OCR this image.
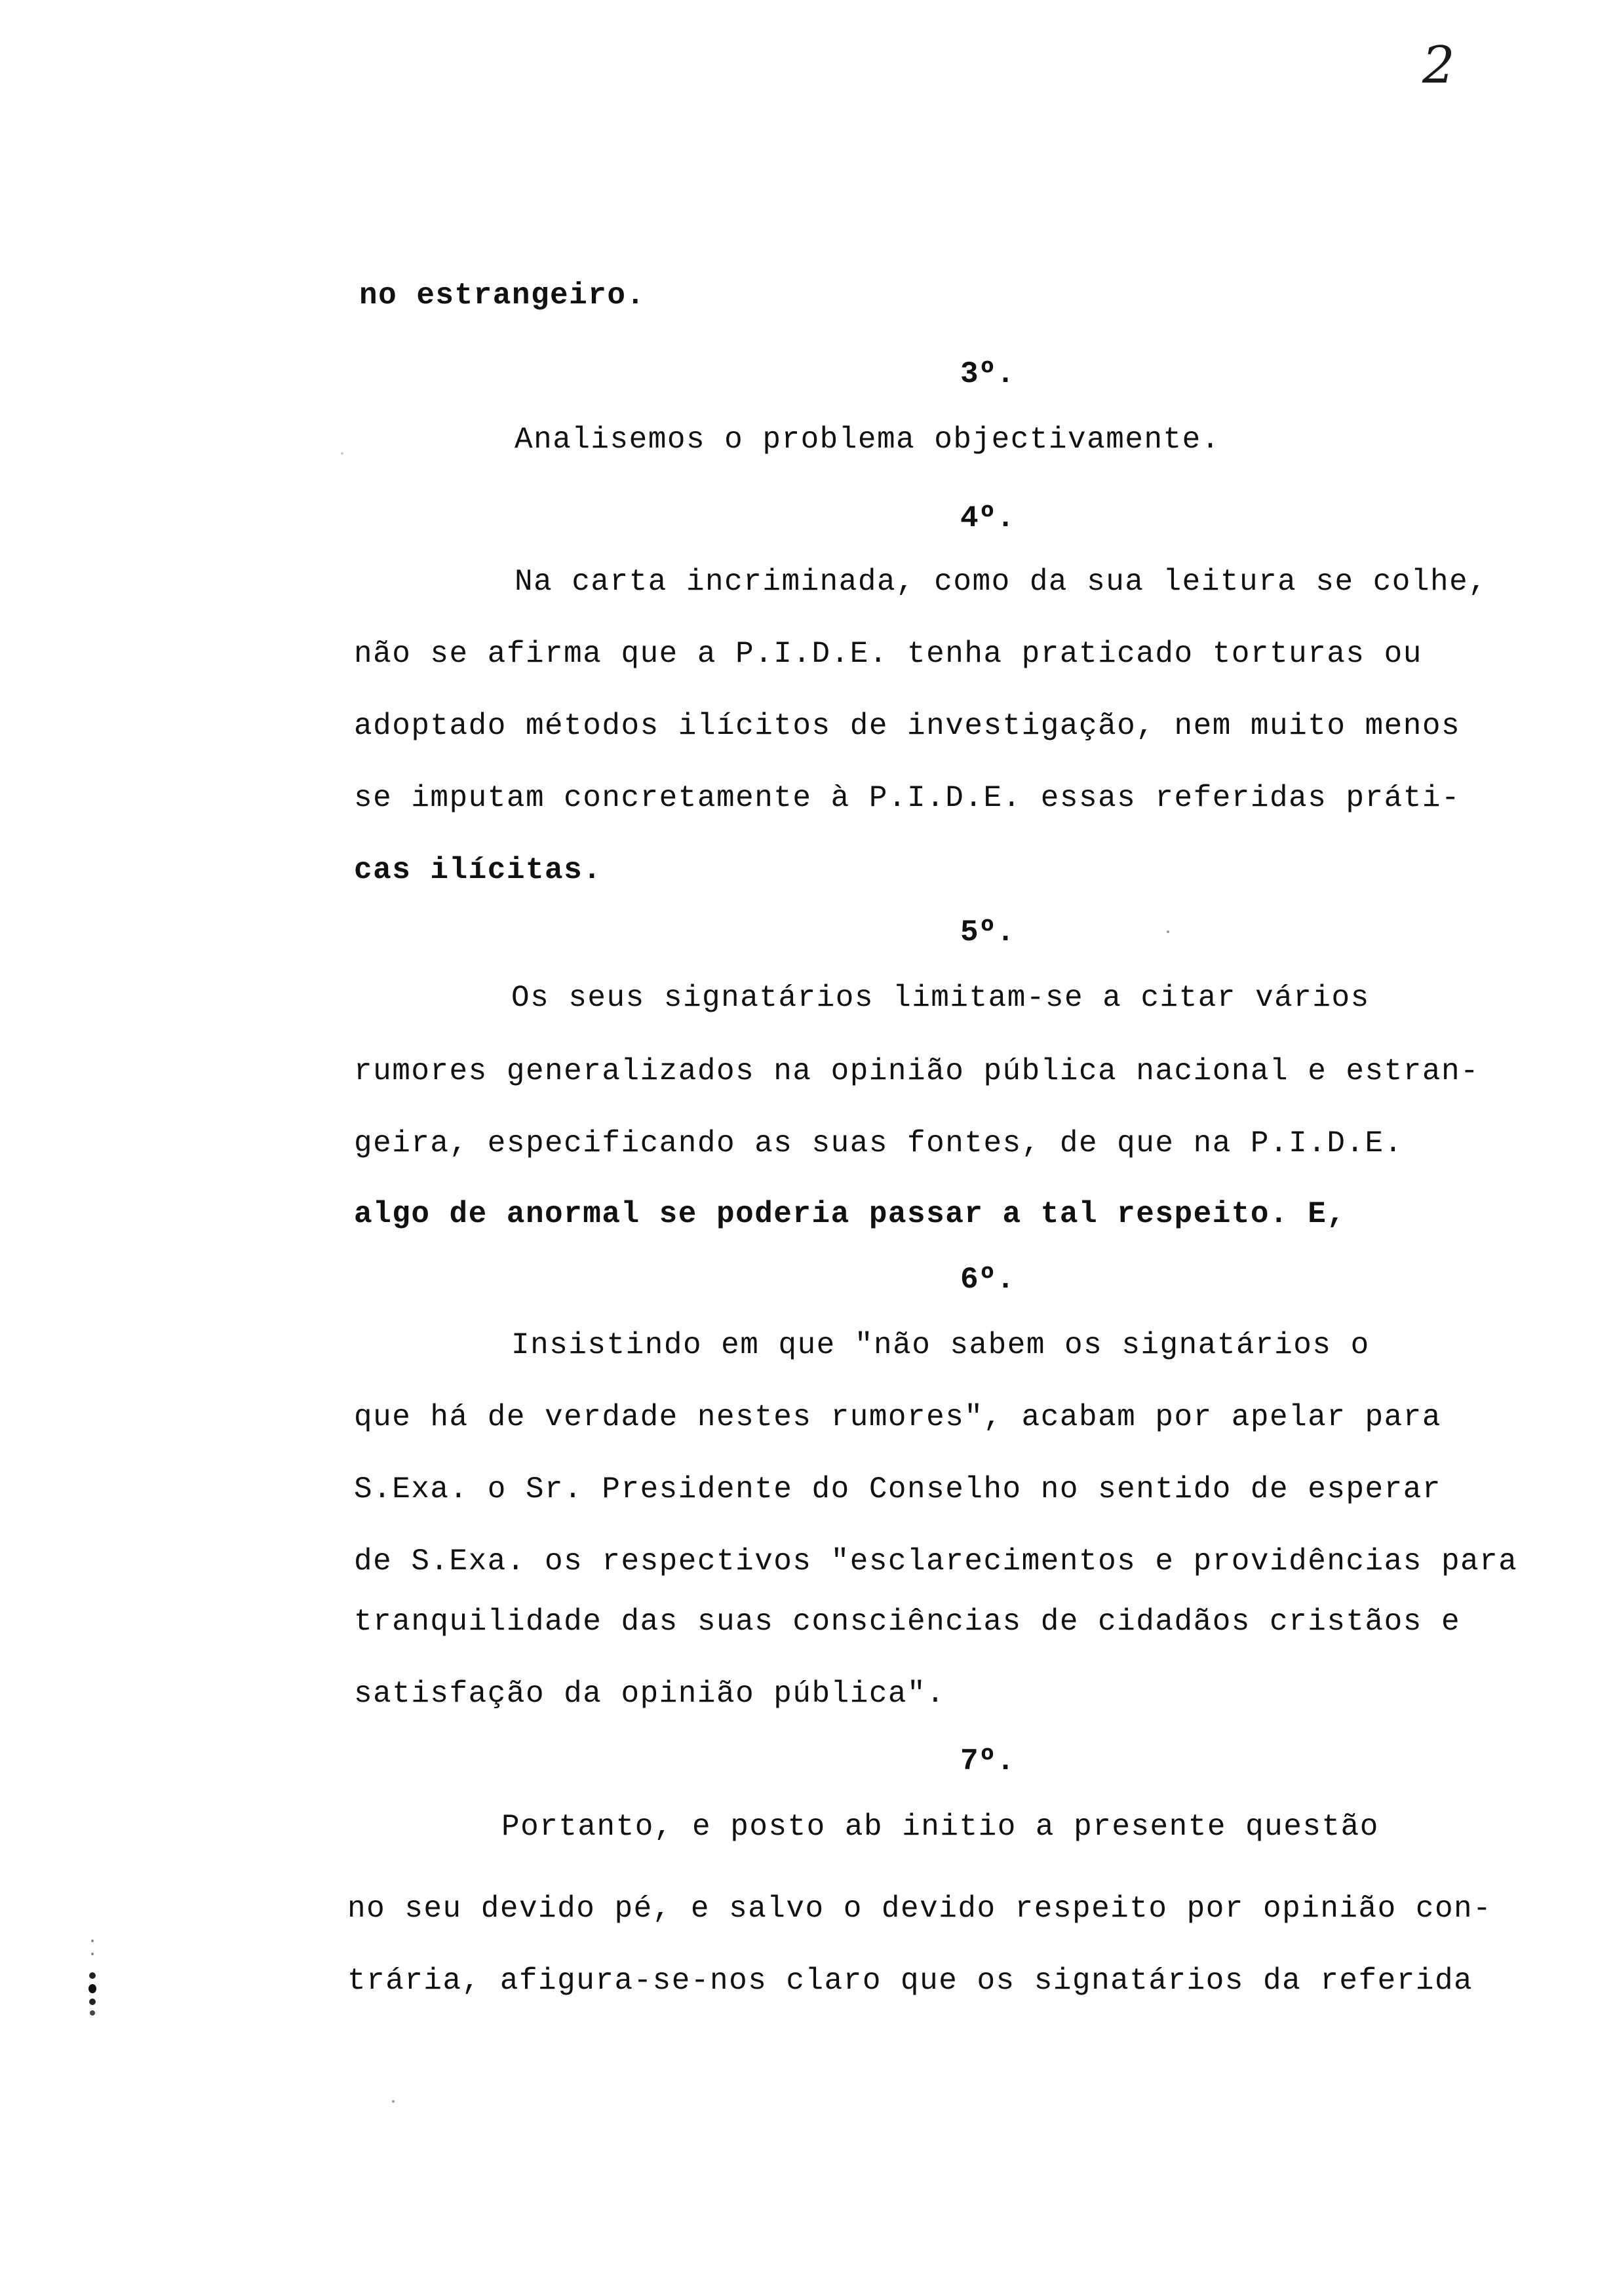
2
no estrangeiro.
3º.
Analisemos o problema objectivamente.
4º.
Na carta incriminada, como da sua leitura se colhe,
não se afirma que a P.I.D.E. tenha praticado torturas ou
adoptado métodos ilícitos de investigação, nem muito menos
se imputam concretamente à P.I.D.E. essas referidas práti-
cas ilícitas.
5º.
Os seus signatários limitam-se a citar vários
rumores generalizados na opinião pública nacional e estran-
geira, especificando as suas fontes, de que na P.I.D.E.
algo de anormal se poderia passar a tal respeito. E,
6º.
Insistindo em que "não sabem os signatários o
que há de verdade nestes rumores", acabam por apelar para
S.Exa. o Sr. Presidente do Conselho no sentido de esperar
de S.Exa. os respectivos "esclarecimentos e providências para
tranquilidade das suas consciências de cidadãos cristãos e
satisfação da opinião pública".
7º.
Portanto, e posto ab initio a presente questão
no seu devido pé, e salvo o devido respeito por opinião con-
trária, afigura-se-nos claro que os signatários da referida
